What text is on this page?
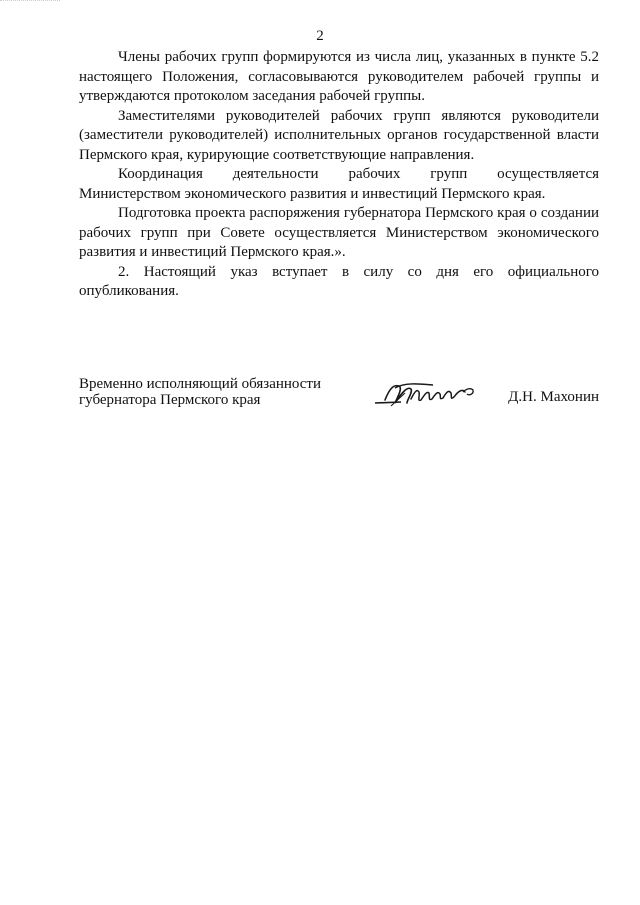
2

Члены рабочих групп формируются из числа лиц, указанных в пункте 5.2 настоящего Положения, согласовываются руководителем рабочей группы и утверждаются протоколом заседания рабочей группы.

Заместителями руководителей рабочих групп являются руководители (заместители руководителей) исполнительных органов государственной власти Пермского края, курирующие соответствующие направления.

Координация деятельности рабочих групп осуществляется Министерством экономического развития и инвестиций Пермского края.

Подготовка проекта распоряжения губернатора Пермского края о создании рабочих групп при Совете осуществляется Министерством экономического развития и инвестиций Пермского края.».

2. Настоящий указ вступает в силу со дня его официального опубликования.

Временно исполняющий обязанности
губернатора Пермского края	Д.Н. Махонин
